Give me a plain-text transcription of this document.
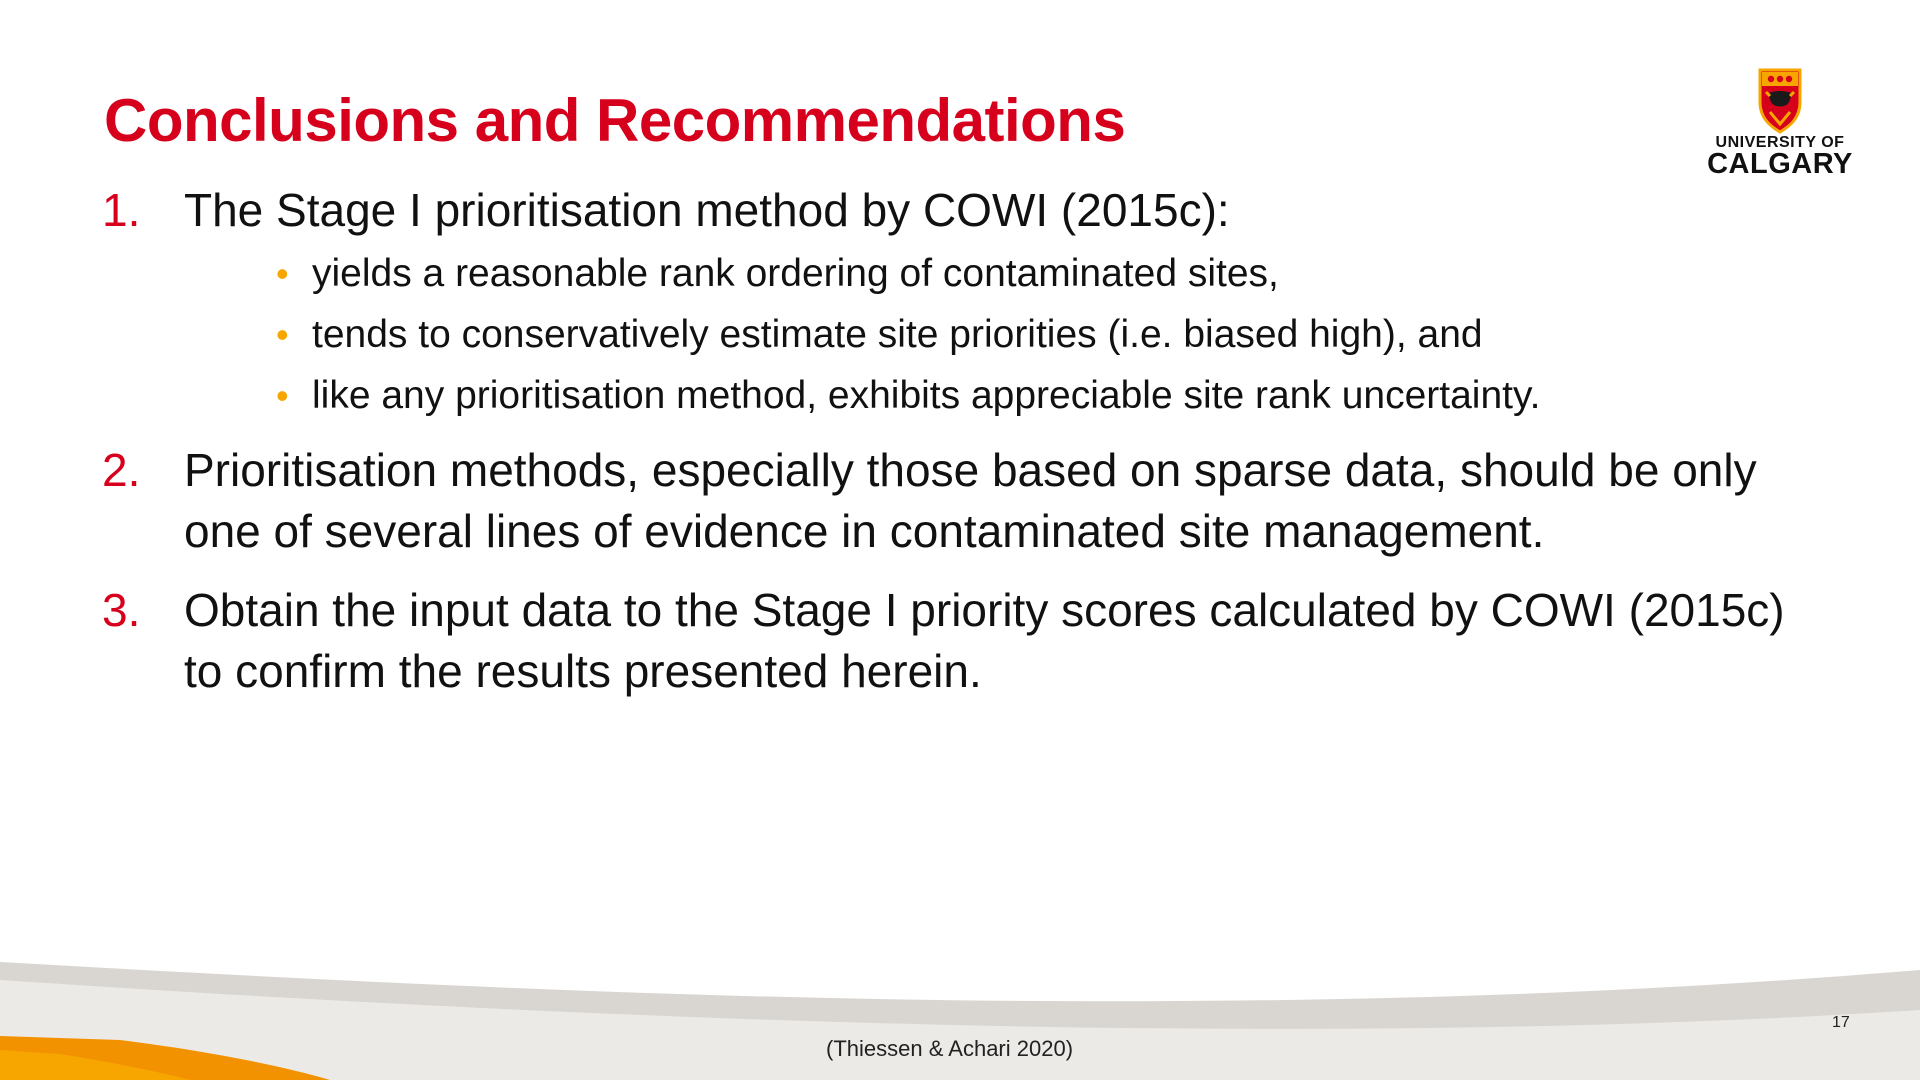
Conclusions and Recommendations	UNIVERSITY OF
CALGARY
1. The Stage I prioritisation method by COWI (2015c):
• yields a reasonable rank ordering of contaminated sites,
• tends to conservatively estimate site priorities (i.e. biased high), and
• like any prioritisation method, exhibits appreciable site rank uncertainty.
2. Prioritisation methods, especially those based on sparse data, should be only one of several lines of evidence in contaminated site management.
3. Obtain the input data to the Stage I priority scores calculated by COWI (2015c) to confirm the results presented herein.
(Thiessen & Achari 2020)
17
